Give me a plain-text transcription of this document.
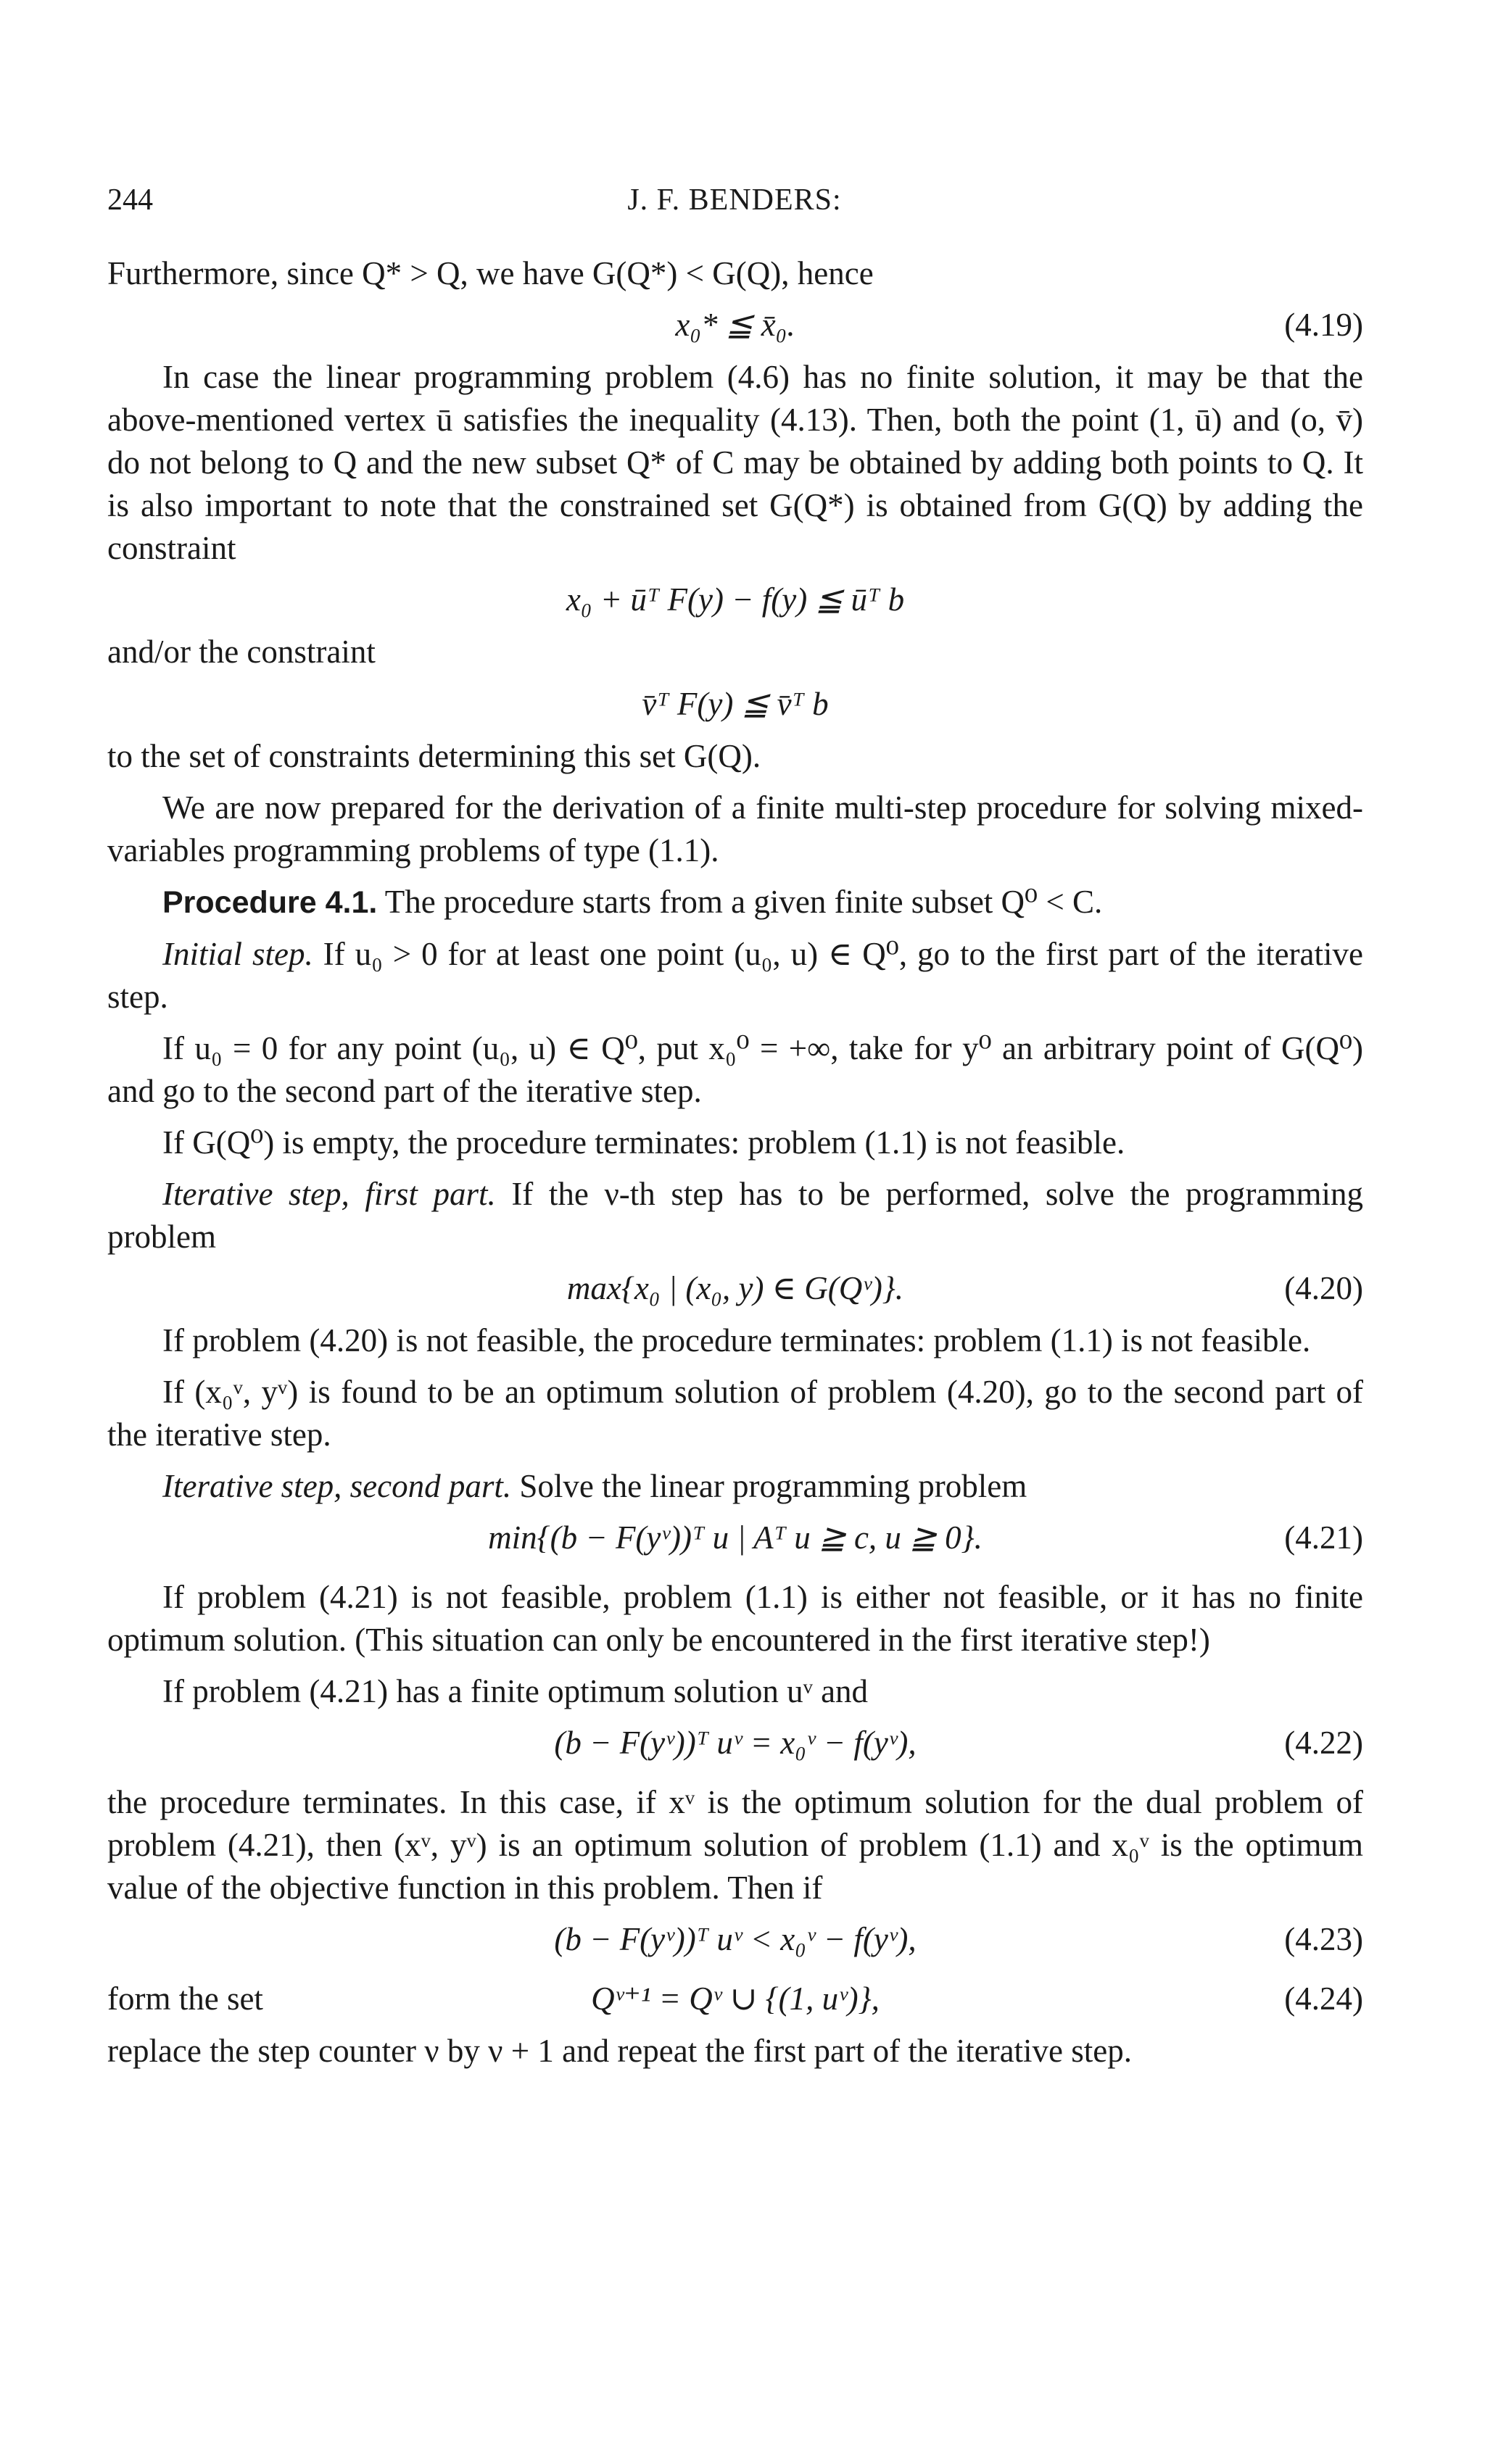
244	J. F. BENDERS:

Furthermore, since Q* > Q, we have G(Q*) < G(Q), hence

x₀* ≦ x̄₀.	(4.19)

In case the linear programming problem (4.6) has no finite solution, it may be that the above-mentioned vertex ū satisfies the inequality (4.13). Then, both the point (1, ū) and (o, v̄) do not belong to Q and the new subset Q* of C may be obtained by adding both points to Q. It is also important to note that the constrained set G(Q*) is obtained from G(Q) by adding the constraint

x₀ + ūᵀ F(y) − f(y) ≦ ūᵀ b
and/or the constraint
v̄ᵀ F(y) ≦ v̄ᵀ b

to the set of constraints determining this set G(Q).

We are now prepared for the derivation of a finite multi-step procedure for solving mixed-variables programming problems of type (1.1).

Procedure 4.1. The procedure starts from a given finite subset Q⁰ < C.

Initial step. If u₀ > 0 for at least one point (u₀, u) ∈ Q⁰, go to the first part of the iterative step.

If u₀ = 0 for any point (u₀, u) ∈ Q⁰, put x₀⁰ = +∞, take for y⁰ an arbitrary point of G(Q⁰) and go to the second part of the iterative step.

If G(Q⁰) is empty, the procedure terminates: problem (1.1) is not feasible.

Iterative step, first part. If the ν-th step has to be performed, solve the programming problem

max{x₀ | (x₀, y) ∈ G(Qᵛ)}.	(4.20)

If problem (4.20) is not feasible, the procedure terminates: problem (1.1) is not feasible.

If (x₀ᵛ, yᵛ) is found to be an optimum solution of problem (4.20), go to the second part of the iterative step.

Iterative step, second part. Solve the linear programming problem

min{(b − F(yᵛ))ᵀ u | Aᵀ u ≧ c, u ≧ 0}.	(4.21)

If problem (4.21) is not feasible, problem (1.1) is either not feasible, or it has no finite optimum solution. (This situation can only be encountered in the first iterative step!)

If problem (4.21) has a finite optimum solution uᵛ and

(b − F(yᵛ))ᵀ uᵛ = x₀ᵛ − f(yᵛ),	(4.22)

the procedure terminates. In this case, if xᵛ is the optimum solution for the dual problem of problem (4.21), then (xᵛ, yᵛ) is an optimum solution of problem (1.1) and x₀ᵛ is the optimum value of the objective function in this problem. Then if

(b − F(yᵛ))ᵀ uᵛ < x₀ᵛ − f(yᵛ),	(4.23)
form the set	Qᵛ⁺¹ = Qᵛ ∪ {(1, uᵛ)},	(4.24)

replace the step counter ν by ν + 1 and repeat the first part of the iterative step.
